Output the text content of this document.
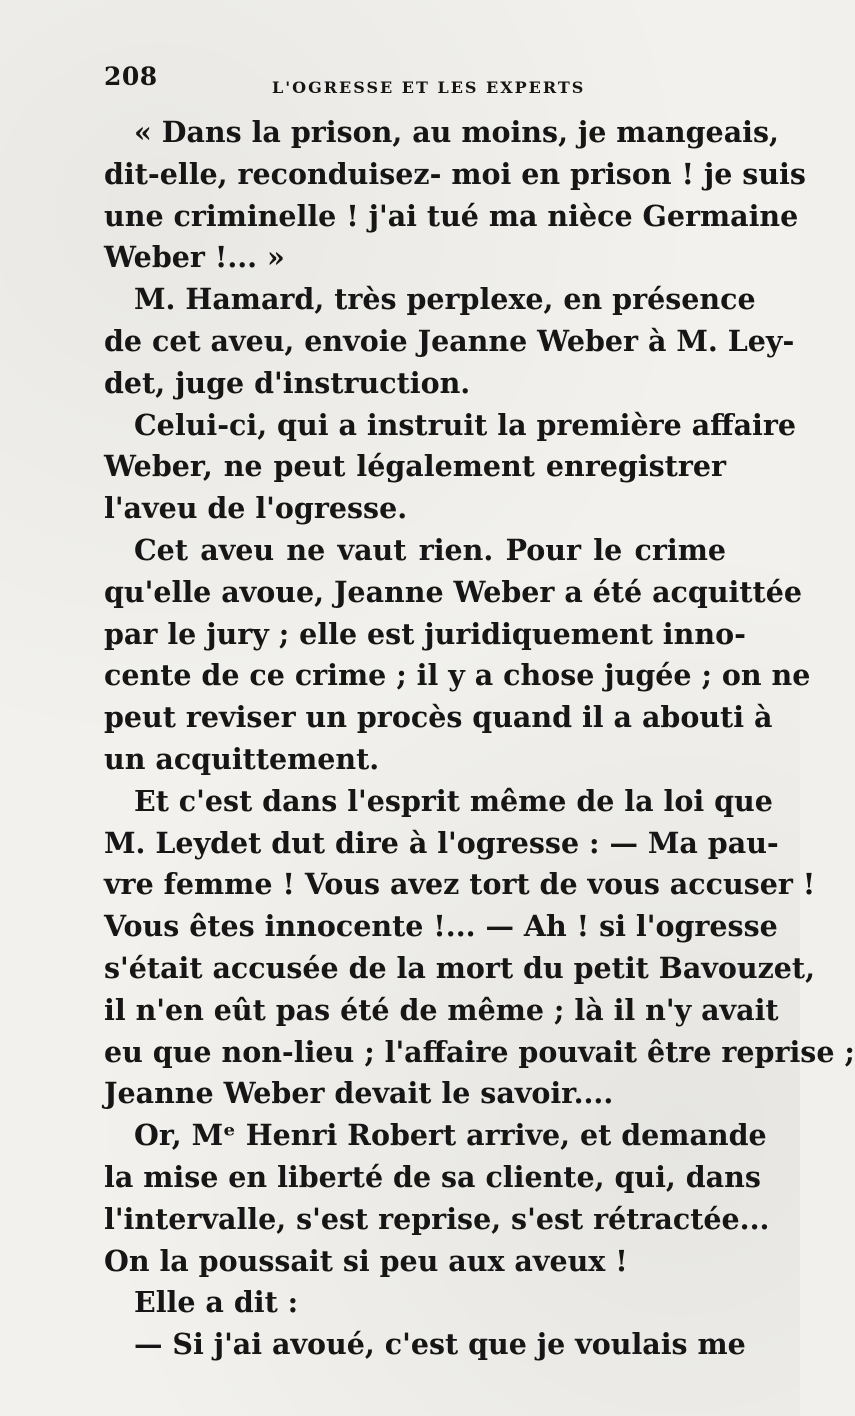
208	L'OGRESSE ET LES EXPERTS
« Dans la prison, au moins, je mangeais,
dit-elle, reconduisez- moi en prison ! je suis
une criminelle ! j'ai tué ma nièce Germaine
Weber !... »
M. Hamard, très perplexe, en présence
de cet aveu, envoie Jeanne Weber à M. Ley-
det, juge d'instruction.
Celui-ci, qui a instruit la première affaire
Weber, ne peut légalement enregistrer
l'aveu de l'ogresse.
Cet aveu ne vaut rien. Pour le crime
qu'elle avoue, Jeanne Weber a été acquittée
par le jury ; elle est juridiquement inno-
cente de ce crime ; il y a chose jugée ; on ne
peut reviser un procès quand il a abouti à
un acquittement.
Et c'est dans l'esprit même de la loi que
M. Leydet dut dire à l'ogresse : — Ma pau-
vre femme ! Vous avez tort de vous accuser !
Vous êtes innocente !... — Ah ! si l'ogresse
s'était accusée de la mort du petit Bavouzet,
il n'en eût pas été de même ; là il n'y avait
eu que non-lieu ; l'affaire pouvait être reprise ;
Jeanne Weber devait le savoir....
Or, Mᵉ Henri Robert arrive, et demande
la mise en liberté de sa cliente, qui, dans
l'intervalle, s'est reprise, s'est rétractée...
On la poussait si peu aux aveux !
Elle a dit :
— Si j'ai avoué, c'est que je voulais me
